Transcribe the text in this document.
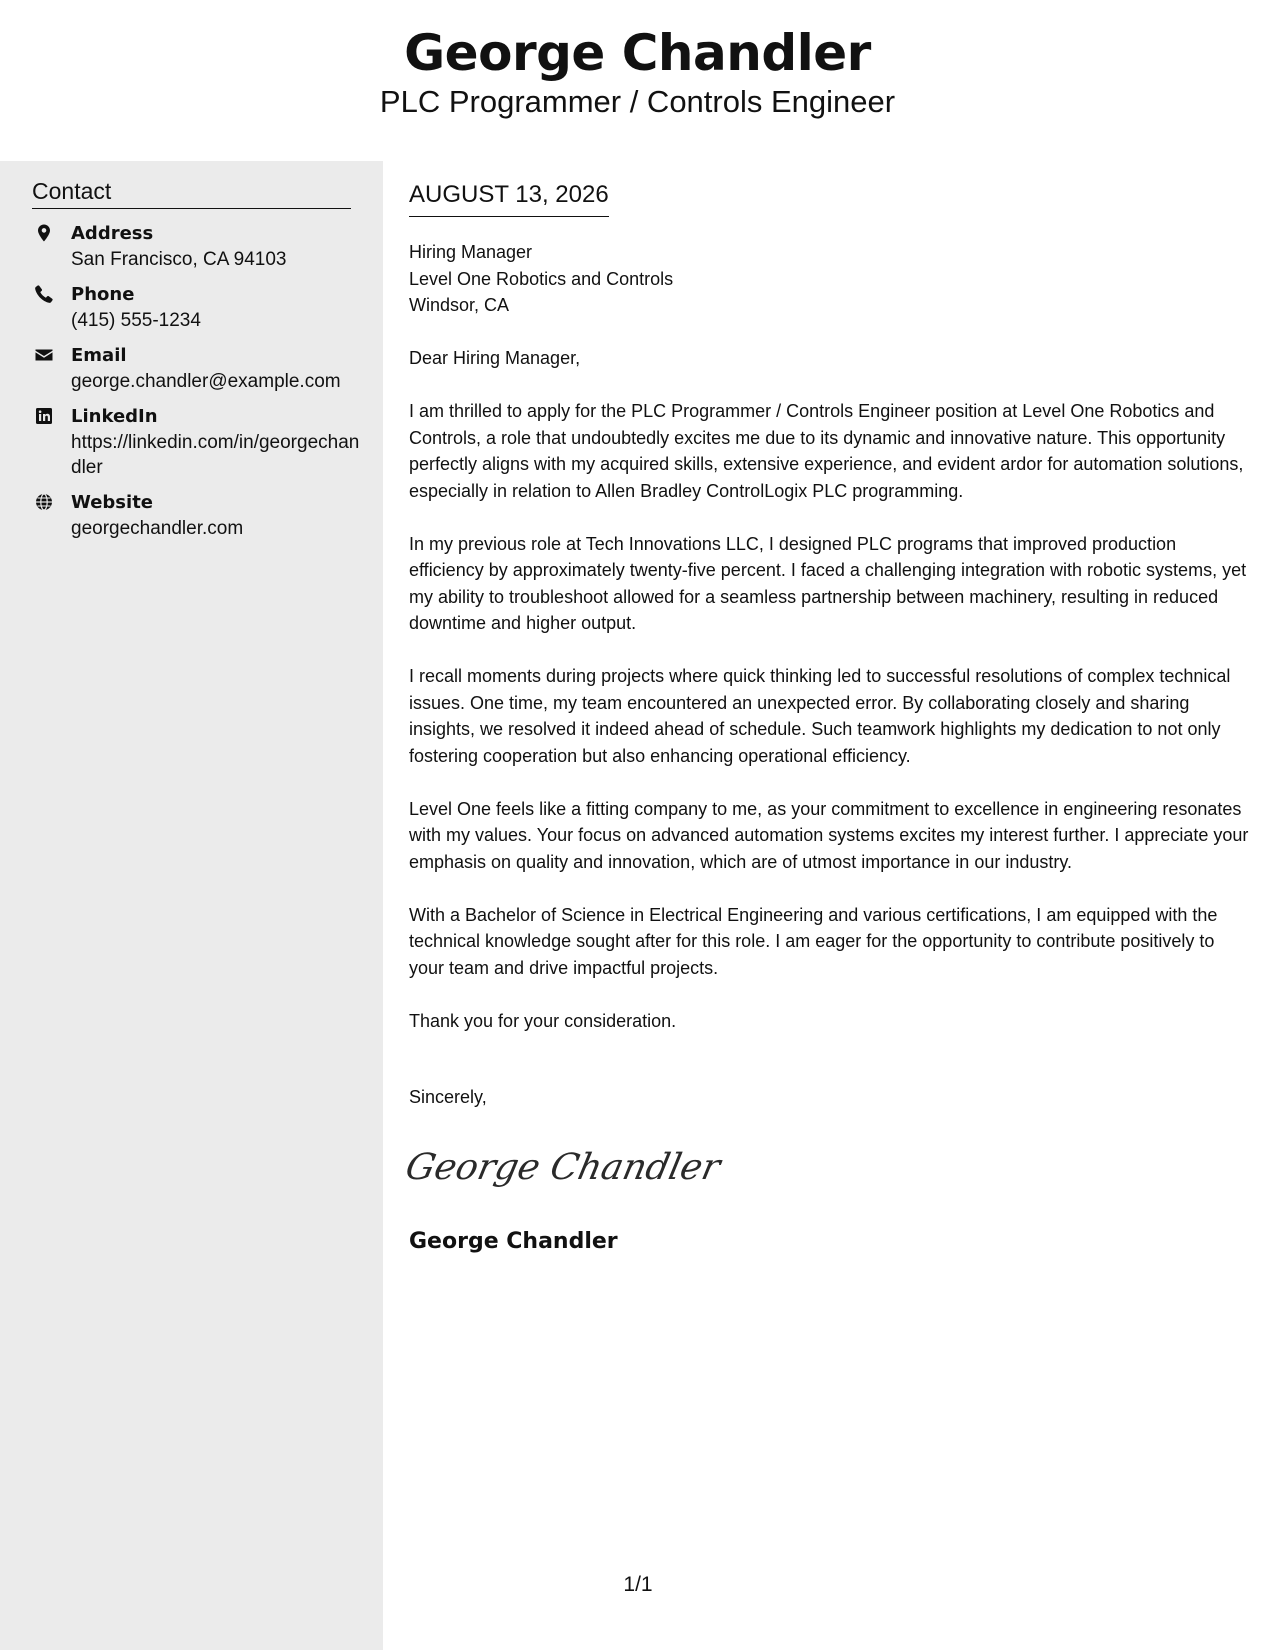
George Chandler
PLC Programmer / Controls Engineer
Contact
Address
San Francisco, CA 94103
Phone
(415) 555-1234
Email
george.chandler@example.com
LinkedIn
https://linkedin.com/in/georgechandler
Website
georgechandler.com
AUGUST 13, 2026
Hiring Manager
Level One Robotics and Controls
Windsor, CA

Dear Hiring Manager,

I am thrilled to apply for the PLC Programmer / Controls Engineer position at Level One Robotics and Controls, a role that undoubtedly excites me due to its dynamic and innovative nature. This opportunity perfectly aligns with my acquired skills, extensive experience, and evident ardor for automation solutions, especially in relation to Allen Bradley ControlLogix PLC programming.

In my previous role at Tech Innovations LLC, I designed PLC programs that improved production efficiency by approximately twenty-five percent. I faced a challenging integration with robotic systems, yet my ability to troubleshoot allowed for a seamless partnership between machinery, resulting in reduced downtime and higher output.

I recall moments during projects where quick thinking led to successful resolutions of complex technical issues. One time, my team encountered an unexpected error. By collaborating closely and sharing insights, we resolved it indeed ahead of schedule. Such teamwork highlights my dedication to not only fostering cooperation but also enhancing operational efficiency.

Level One feels like a fitting company to me, as your commitment to excellence in engineering resonates with my values. Your focus on advanced automation systems excites my interest further. I appreciate your emphasis on quality and innovation, which are of utmost importance in our industry.

With a Bachelor of Science in Electrical Engineering and various certifications, I am equipped with the technical knowledge sought after for this role. I am eager for the opportunity to contribute positively to your team and drive impactful projects.

Thank you for your consideration.

Sincerely,
George Chandler
George Chandler
1/1
